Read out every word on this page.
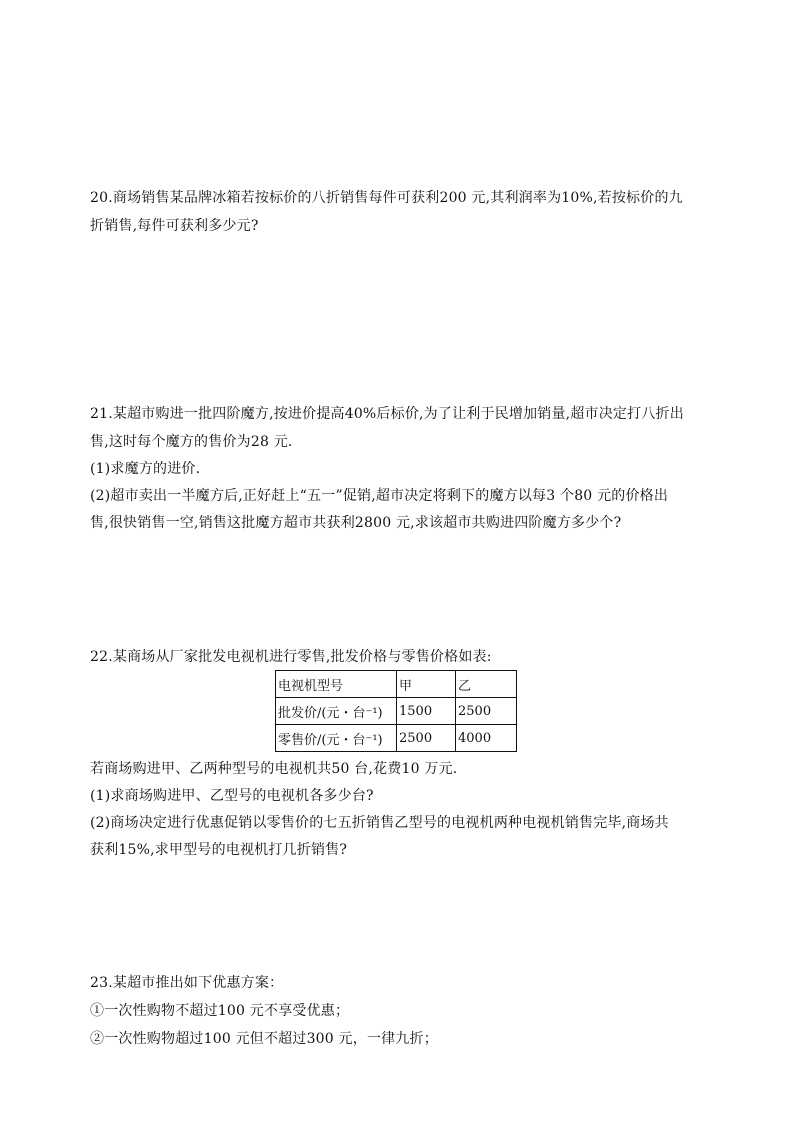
20.商场销售某品牌冰箱若按标价的八折销售每件可获利200 元,其利润率为10%,若按标价的九
折销售,每件可获利多少元?
21.某超市购进一批四阶魔方,按进价提高40%后标价,为了让利于民增加销量,超市决定打八折出
售,这时每个魔方的售价为28 元.
(1)求魔方的进价.
(2)超市卖出一半魔方后,正好赶上“五一”促销,超市决定将剩下的魔方以每3 个80 元的价格出
售,很快销售一空,销售这批魔方超市共获利2800 元,求该超市共购进四阶魔方多少个?
22.某商场从厂家批发电视机进行零售,批发价格与零售价格如表:
电视机型号	甲	乙
批发价/(元・台⁻¹)	1500	2500
零售价/(元・台⁻¹)	2500	4000
若商场购进甲、乙两种型号的电视机共50 台,花费10 万元.
(1)求商场购进甲、乙型号的电视机各多少台?
(2)商场决定进行优惠促销以零售价的七五折销售乙型号的电视机两种电视机销售完毕,商场共
获利15%,求甲型号的电视机打几折销售?
23.某超市推出如下优惠方案：
①一次性购物不超过100 元不享受优惠；
②一次性购物超过100 元但不超过300 元，一律九折；
